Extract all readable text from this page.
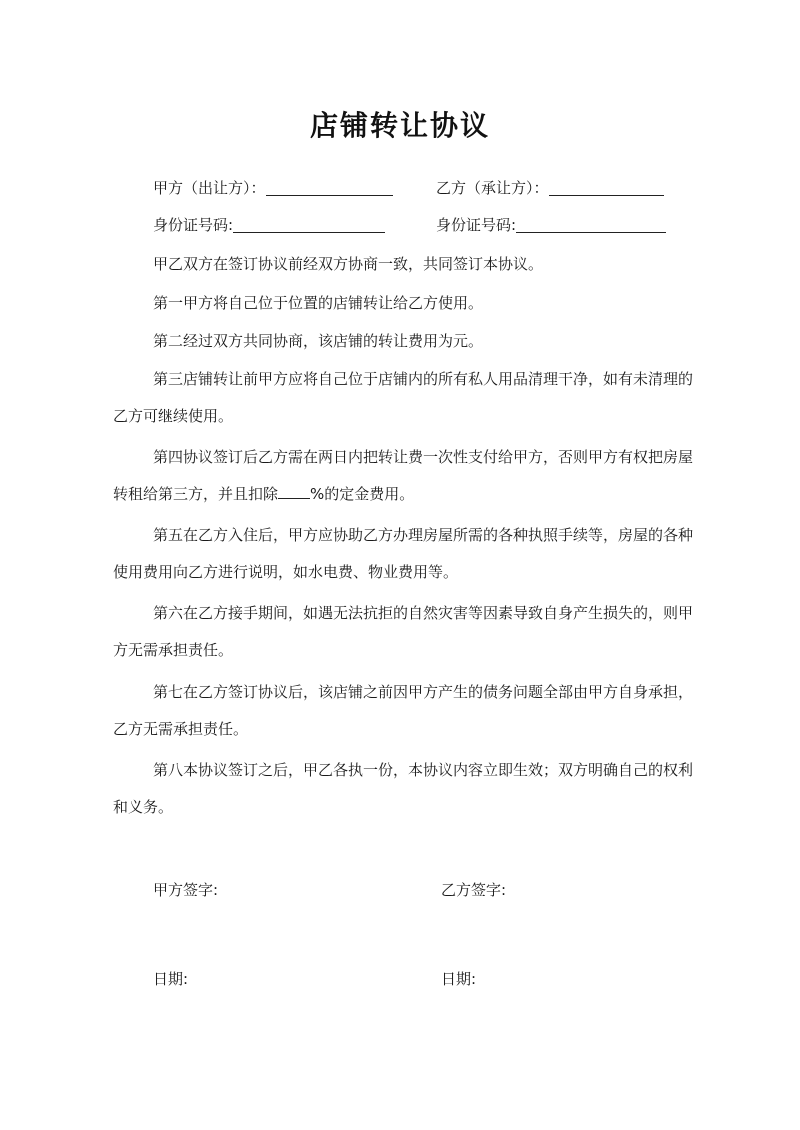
店铺转让协议
甲方（出让方）：	乙方（承让方）：
身份证号码:	身份证号码:

甲乙双方在签订协议前经双方协商一致，共同签订本协议。

第一甲方将自己位于位置的店铺转让给乙方使用。

第二经过双方共同协商，该店铺的转让费用为元。

第三店铺转让前甲方应将自己位于店铺内的所有私人用品清理干净，如有未清理的乙方可继续使用。

第四协议签订后乙方需在两日内把转让费一次性支付给甲方，否则甲方有权把房屋转租给第三方，并且扣除 %的定金费用。

第五在乙方入住后，甲方应协助乙方办理房屋所需的各种执照手续等，房屋的各种使用费用向乙方进行说明，如水电费、物业费用等。

第六在乙方接手期间，如遇无法抗拒的自然灾害等因素导致自身产生损失的，则甲方无需承担责任。

第七在乙方签订协议后，该店铺之前因甲方产生的债务问题全部由甲方自身承担，乙方无需承担责任。

第八本协议签订之后，甲乙各执一份，本协议内容立即生效；双方明确自己的权利和义务。

甲方签字:	乙方签字:
日期:	日期:
